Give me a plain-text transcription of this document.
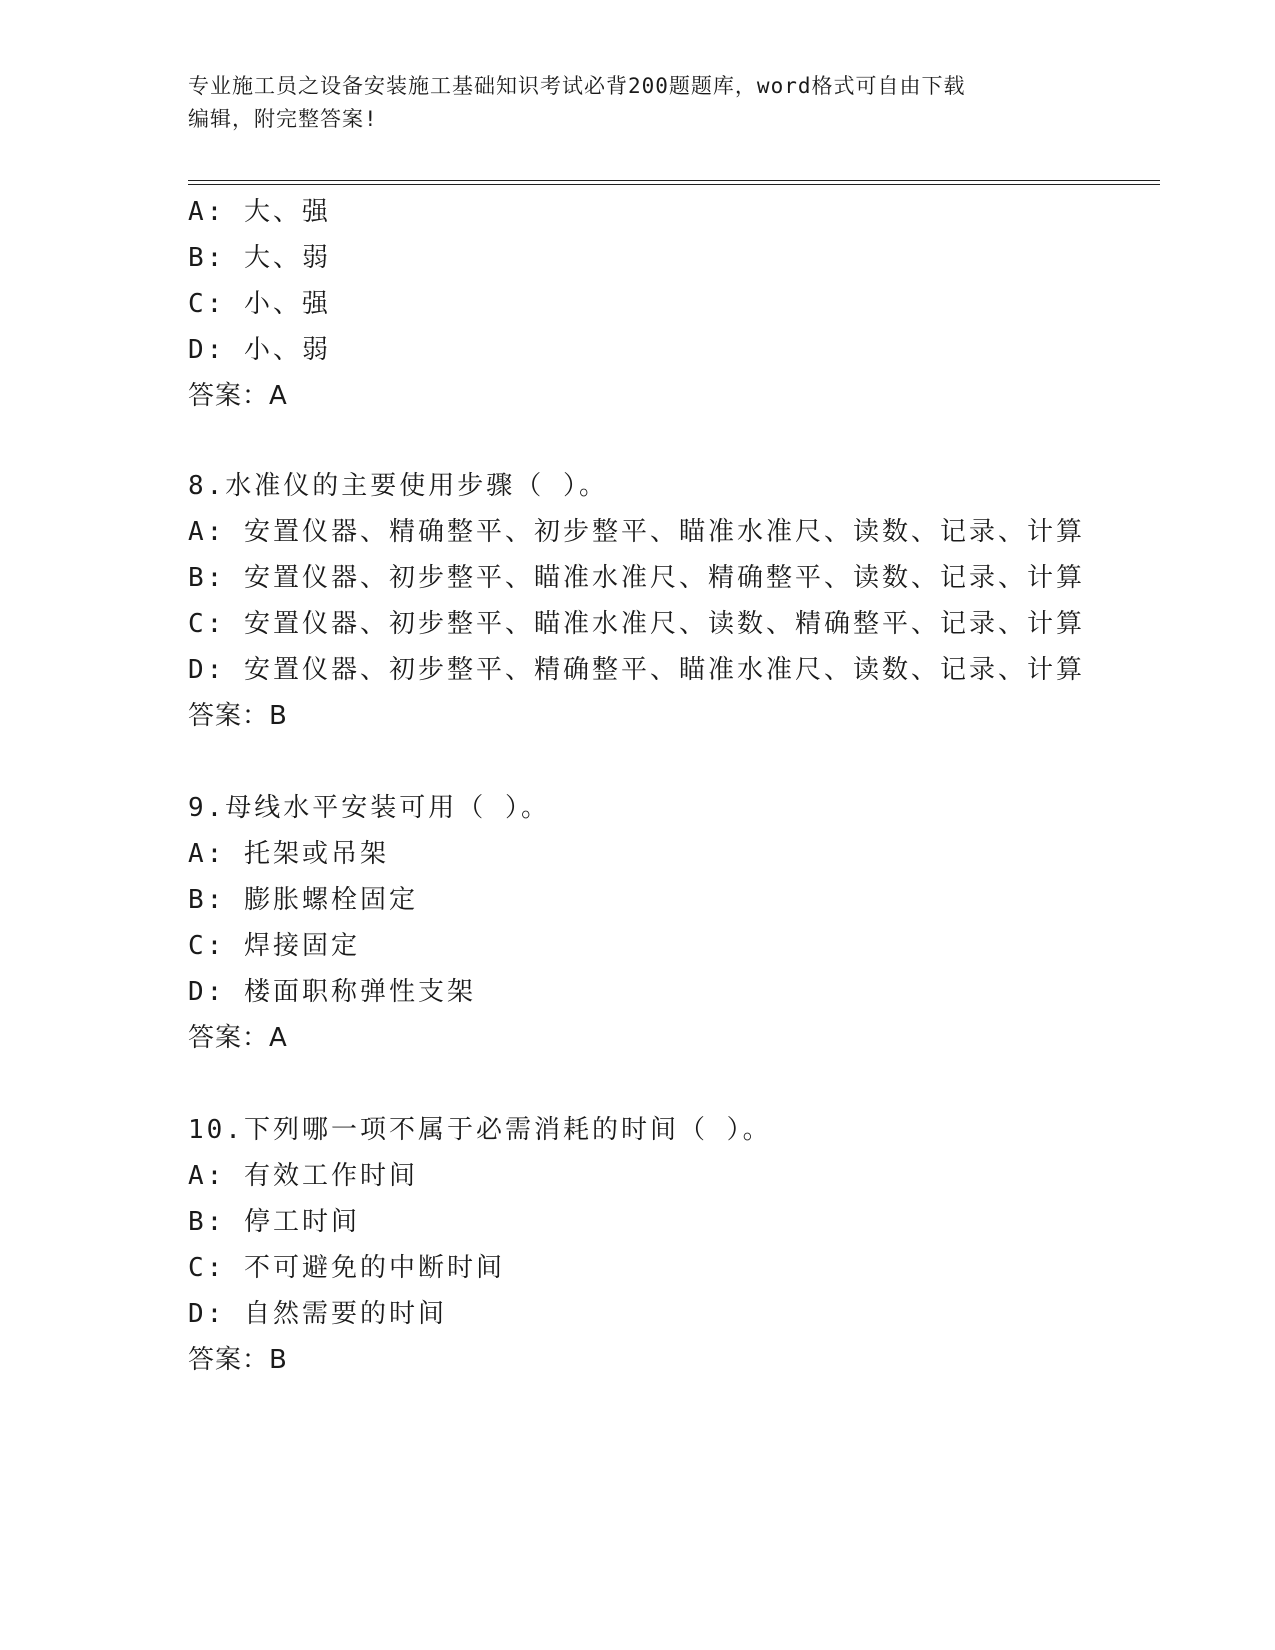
专业施工员之设备安装施工基础知识考试必背200题题库，word格式可自由下载
编辑，附完整答案!
A: 大、强
B: 大、弱
C: 小、强
D: 小、弱
答案：A
8.水准仪的主要使用步骤（ ）。
A: 安置仪器、精确整平、初步整平、瞄准水准尺、读数、记录、计算
B: 安置仪器、初步整平、瞄准水准尺、精确整平、读数、记录、计算
C: 安置仪器、初步整平、瞄准水准尺、读数、精确整平、记录、计算
D: 安置仪器、初步整平、精确整平、瞄准水准尺、读数、记录、计算
答案：B
9.母线水平安装可用（ ）。
A: 托架或吊架
B: 膨胀螺栓固定
C: 焊接固定
D: 楼面职称弹性支架
答案：A
10.下列哪一项不属于必需消耗的时间（ ）。
A: 有效工作时间
B: 停工时间
C: 不可避免的中断时间
D: 自然需要的时间
答案：B
